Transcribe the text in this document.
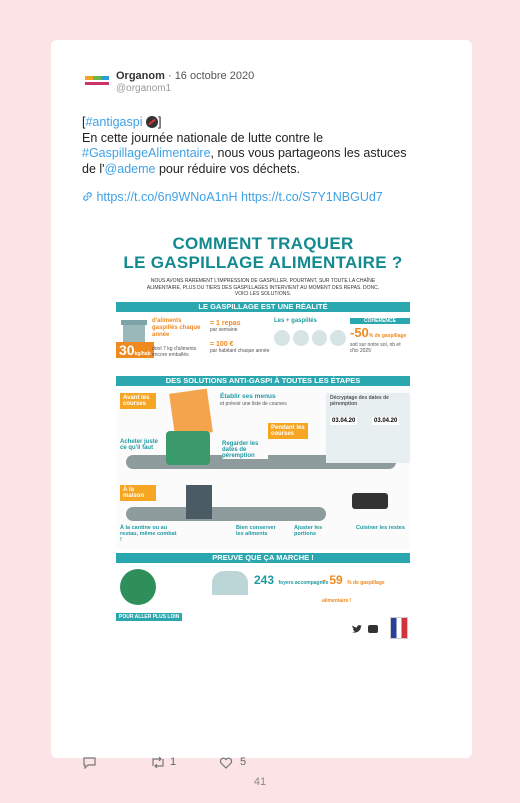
Organom · 16 octobre 2020
@organom1
[#antigaspi ]
En cette journée nationale de lutte contre le
#GaspillageAlimentaire, nous vous partageons les astuces
de l'@ademe pour réduire vos déchets.
https://t.co/6n9WNoA1nH https://t.co/S7Y1NBGUd7
COMMENT TRAQUER
LE GASPILLAGE ALIMENTAIRE ?
NOUS AVONS RAREMENT L'IMPRESSION DE GASPILLER. POURTANT, SUR TOUTE LA CHAÎNE ALIMENTAIRE, PLUS DU TIERS DES GASPILLAGES INTERVIENT AU MOMENT DES REPAS. DONC, VOICI LES SOLUTIONS.
LE GASPILLAGE EST UNE RÉALITÉ
30kg/hab
d'aliments gaspillés chaque année
dont 7 kg d'aliments encore emballés
= 1 repas
par semaine
= 100 €
par habitant chaque année
Les + gaspillés	COHÉRENCE
-50% de gaspillage
soit sur notre sol, nb et d'ici 2025
DES SOLUTIONS ANTI-GASPI À TOUTES LES ÉTAPES
Avant les courses
Établir ses menus
et prévoir une liste de courses
Décryptage des dates de péremption
03.04.20	03.04.20
Pendant les courses
Acheter juste ce qu'il faut
Regarder les dates de péremption
À la maison
À la cantine ou au restau, même combat !
Bien conserver les aliments
Ajuster les portions
Cuisiner les restes
PREUVE QUE ÇA MARCHE !
243 foyers accompagnés
- 59 % de gaspillage alimentaire !
POUR ALLER PLUS LOIN
1	5
41
